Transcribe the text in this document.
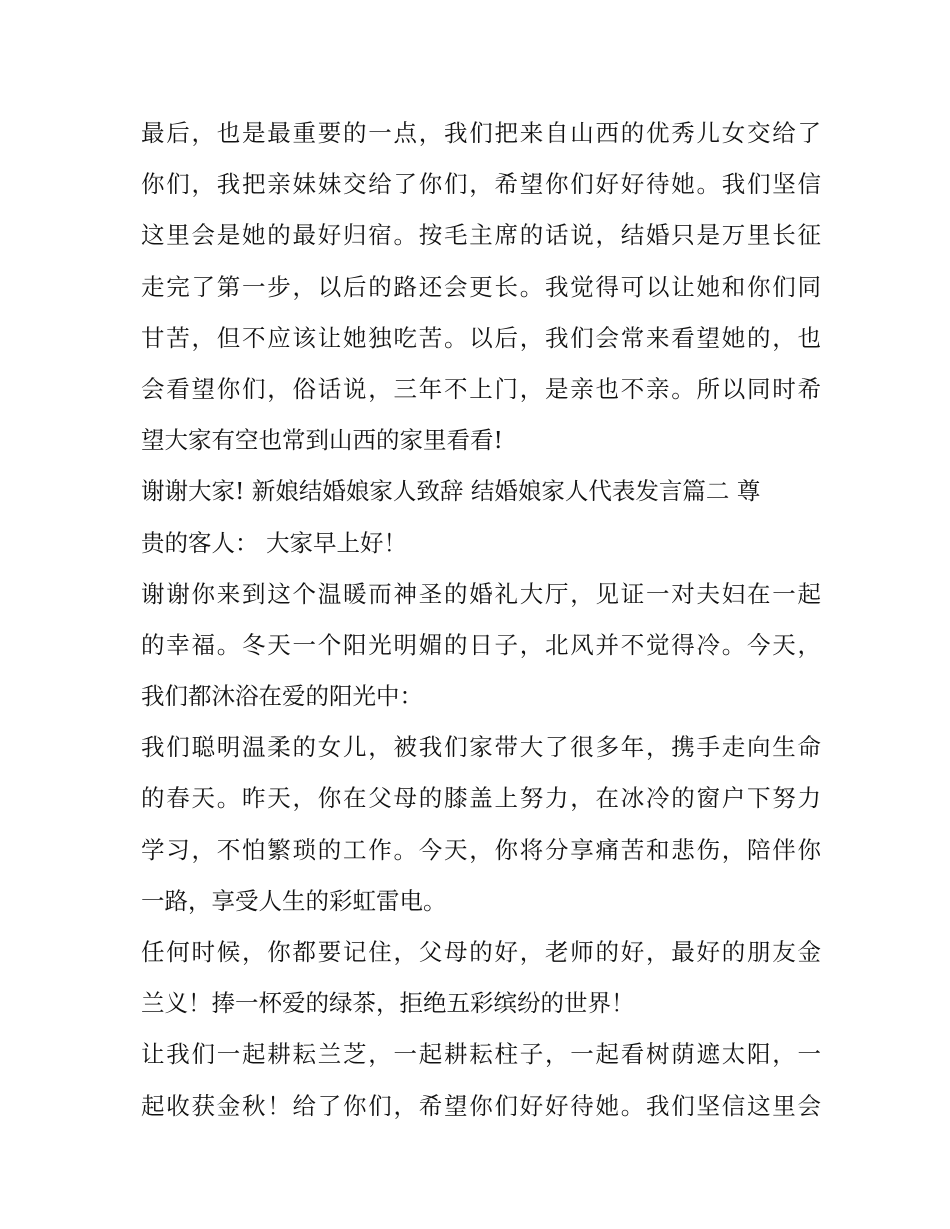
最后，也是最重要的一点，我们把来自山西的优秀儿女交给了
你们，我把亲妹妹交给了你们，希望你们好好待她。我们坚信
这里会是她的最好归宿。按毛主席的话说，结婚只是万里长征
走完了第一步，以后的路还会更长。我觉得可以让她和你们同
甘苦，但不应该让她独吃苦。以后，我们会常来看望她的，也
会看望你们，俗话说，三年不上门，是亲也不亲。所以同时希
望大家有空也常到山西的家里看看!
谢谢大家! 新娘结婚娘家人致辞 结婚娘家人代表发言篇二 尊
贵的客人： 大家早上好！
谢谢你来到这个温暖而神圣的婚礼大厅，见证一对夫妇在一起
的幸福。冬天一个阳光明媚的日子，北风并不觉得冷。今天，
我们都沐浴在爱的阳光中：
我们聪明温柔的女儿，被我们家带大了很多年，携手走向生命
的春天。昨天，你在父母的膝盖上努力，在冰冷的窗户下努力
学习，不怕繁琐的工作。今天，你将分享痛苦和悲伤，陪伴你
一路，享受人生的彩虹雷电。
任何时候，你都要记住，父母的好，老师的好，最好的朋友金
兰义！捧一杯爱的绿茶，拒绝五彩缤纷的世界！
让我们一起耕耘兰芝，一起耕耘柱子，一起看树荫遮太阳，一
起收获金秋！给了你们，希望你们好好待她。我们坚信这里会
